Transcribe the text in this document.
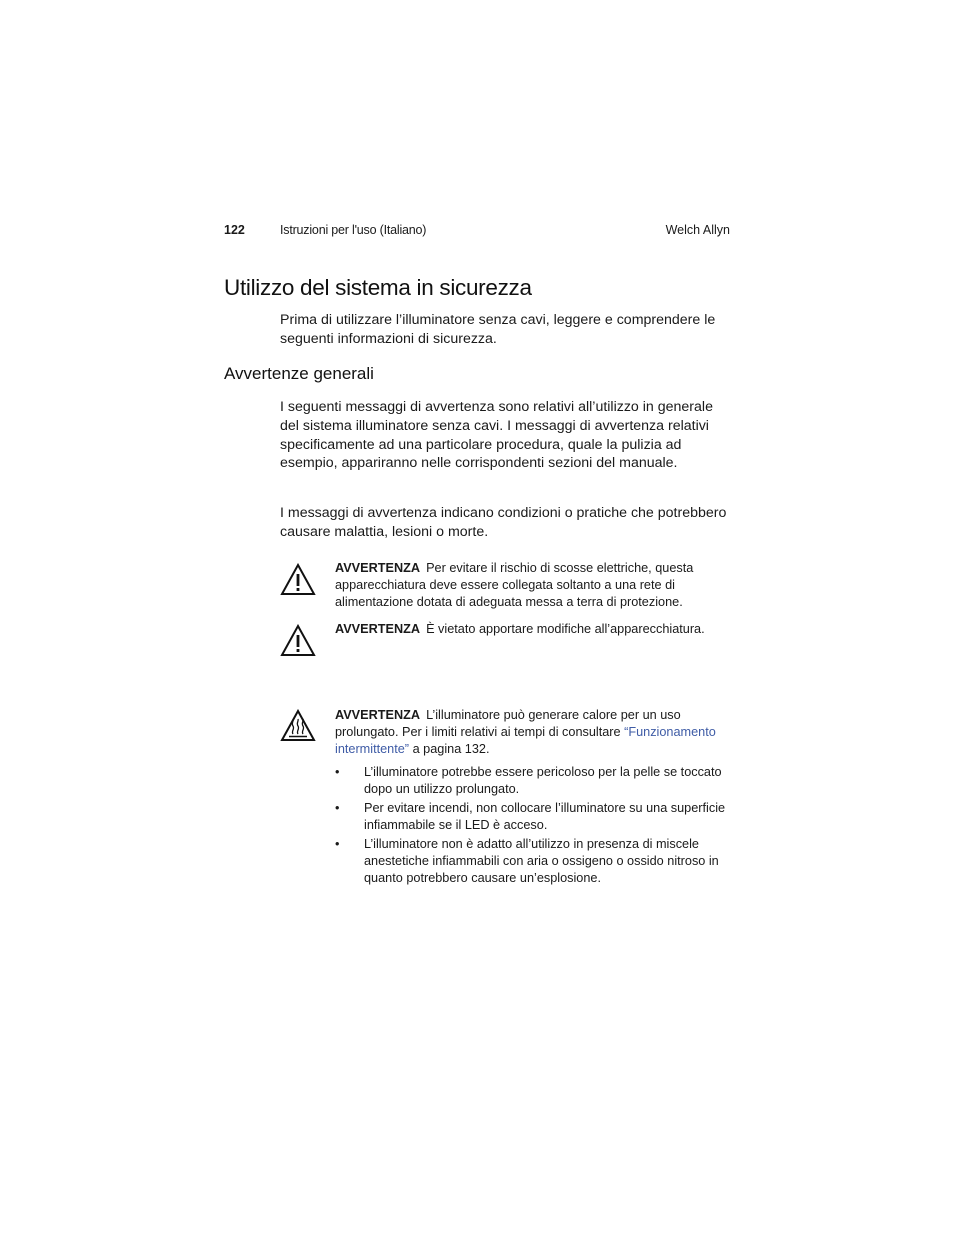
122	Istruzioni per l'uso (Italiano)	Welch Allyn
Utilizzo del sistema in sicurezza

Prima di utilizzare l’illuminatore senza cavi, leggere e comprendere le seguenti informazioni di sicurezza.

Avvertenze generali

I seguenti messaggi di avvertenza sono relativi all’utilizzo in generale del sistema illuminatore senza cavi. I messaggi di avvertenza relativi specificamente ad una particolare procedura, quale la pulizia ad esempio, appariranno nelle corrispondenti sezioni del manuale.

I messaggi di avvertenza indicano condizioni o pratiche che potrebbero causare malattia, lesioni o morte.

AVVERTENZA Per evitare il rischio di scosse elettriche, questa apparecchiatura deve essere collegata soltanto a una rete di alimentazione dotata di adeguata messa a terra di protezione.

AVVERTENZA È vietato apportare modifiche all’apparecchiatura.

AVVERTENZA L’illuminatore può generare calore per un uso prolungato. Per i limiti relativi ai tempi di consultare “Funzionamento intermittente” a pagina 132.

• L’illuminatore potrebbe essere pericoloso per la pelle se toccato dopo un utilizzo prolungato.
• Per evitare incendi, non collocare l’illuminatore su una superficie infiammabile se il LED è acceso.
• L’illuminatore non è adatto all’utilizzo in presenza di miscele anestetiche infiammabili con aria o ossigeno o ossido nitroso in quanto potrebbero causare un’esplosione.
